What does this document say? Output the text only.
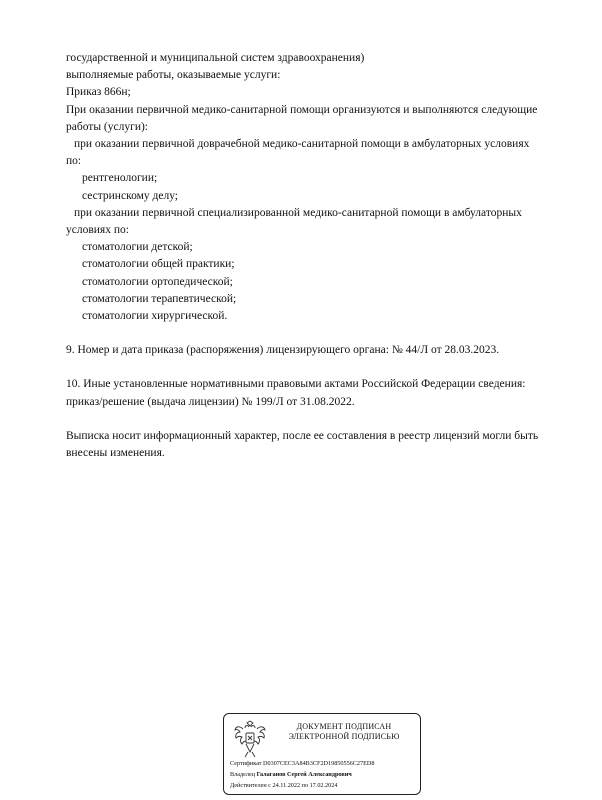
государственной и муниципальной систем здравоохранения)
выполняемые работы, оказываемые услуги:
Приказ 866н;
При оказании первичной медико-санитарной помощи организуются и выполняются следующие
работы (услуги):
при оказании первичной доврачебной медико-санитарной помощи в амбулаторных условиях
по:
рентгенологии;
сестринскому делу;
при оказании первичной специализированной медико-санитарной помощи в амбулаторных
условиях по:
стоматологии детской;
стоматологии общей практики;
стоматологии ортопедической;
стоматологии терапевтической;
стоматологии хирургической.
9. Номер и дата приказа (распоряжения) лицензирующего органа: № 44/Л от 28.03.2023.
10. Иные установленные нормативными правовыми актами Российской Федерации сведения:
приказ/решение (выдача лицензии) № 199/Л от 31.08.2022.
Выписка носит информационный характер, после ее составления в реестр лицензий могли быть
внесены изменения.
ДОКУМЕНТ ПОДПИСАН
ЭЛЕКТРОННОЙ ПОДПИСЬЮ
Сертификат D0307CEC3A84B3CF2D19850556C27ED8
Владелец Галаганов Сергей Александрович
Действителен с 24.11.2022 по 17.02.2024
